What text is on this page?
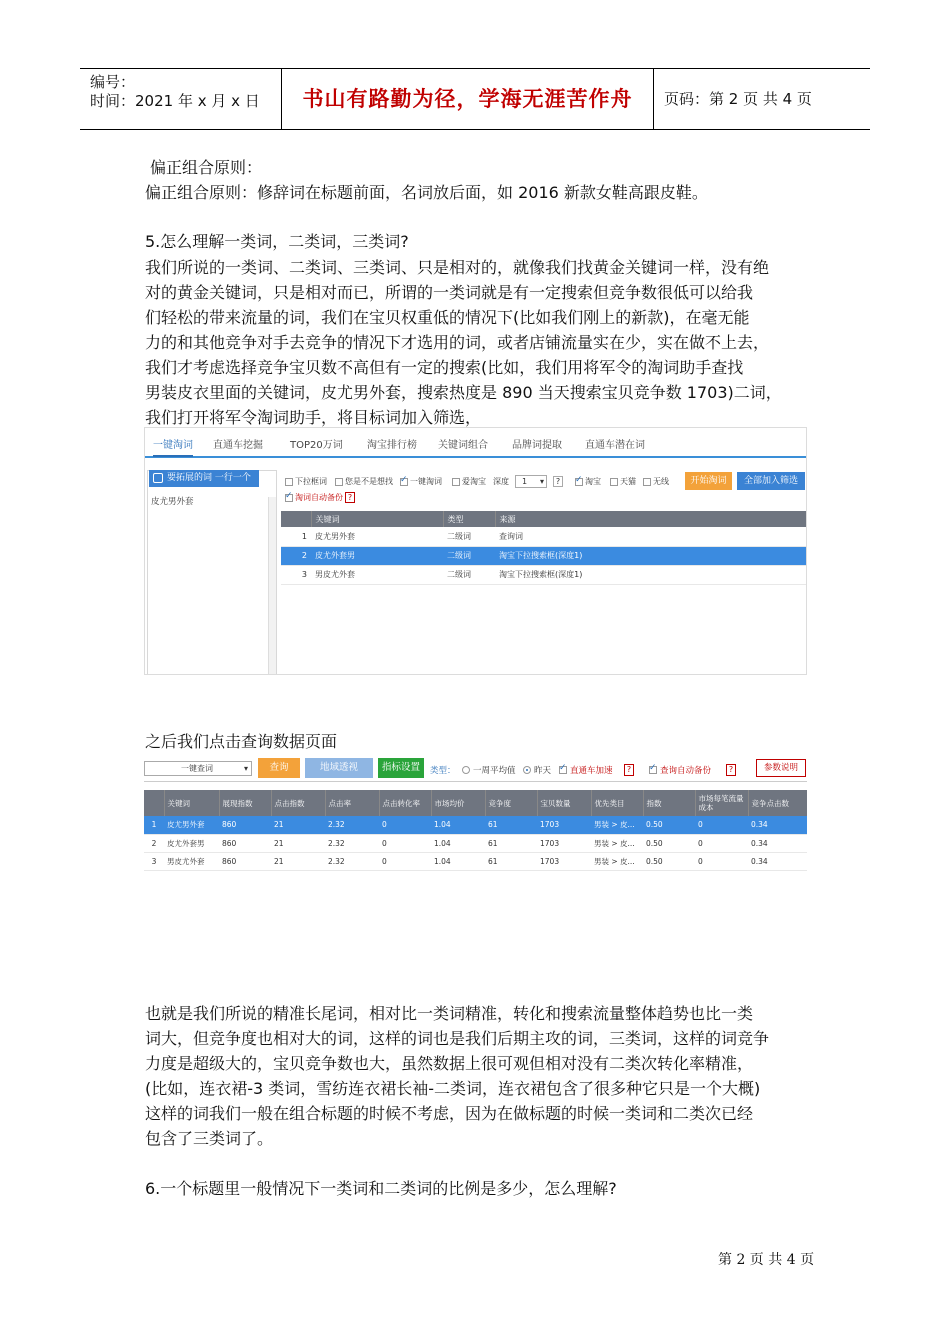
编号：
时间：2021 年 x 月 x 日	书山有路勤为径，学海无涯苦作舟	页码：第 2 页 共 4 页
偏正组合原则：
偏正组合原则：修辞词在标题前面，名词放后面，如 2016 新款女鞋高跟皮鞋。
5.怎么理解一类词，二类词，三类词?
我们所说的一类词、二类词、三类词、只是相对的，就像我们找黄金关键词一样，没有绝
对的黄金关键词，只是相对而已，所谓的一类词就是有一定搜索但竞争数很低可以给我
们轻松的带来流量的词，我们在宝贝权重低的情况下(比如我们刚上的新款)，在毫无能
力的和其他竞争对手去竞争的情况下才选用的词，或者店铺流量实在少，实在做不上去，
我们才考虑选择竞争宝贝数不高但有一定的搜索(比如，我们用将军令的淘词助手查找
男装皮衣里面的关键词，皮尤男外套，搜索热度是 890 当天搜索宝贝竞争数 1703)二词，
我们打开将军令淘词助手，将目标词加入筛选，
一键淘词 直通车挖掘	TOP20万词 淘宝排行榜 关键词组合 品牌词提取 直通车潜在词
要拓展的词 一行一个
皮尤男外套
下拉框词 您是不是想找 ✓ 一键淘词	爱淘宝 深度	? ✓	淘宝 天猫 无线
1 ▾	开始淘词	全部加入筛选
✓
淘词自动备份 ?
	关键词	类型	来源
1	皮尤男外套	二级词	查询词
2	皮尤外套男	二级词	淘宝下拉搜索框(深度1)
3	男皮尤外套	二级词	淘宝下拉搜索框(深度1)
之后我们点击查询数据页面
一键查词 ▾	查询	地域透视	指标设置	类型： 一周平均值 昨天 ✓ 直通车加速	? ✓	查询自动备份	?	参数说明
	关键词	展现指数	点击指数	点击率	点击转化率	市场均价	竞争度	宝贝数量	优先类目	指数	市场每笔流量成本	竞争点击数
1	皮尤男外套	860	21	2.32	0	1.04	61	1703	男装 > 皮...	0.50	0	0.34
2	皮尤外套男	860	21	2.32	0	1.04	61	1703	男装 > 皮...	0.50	0	0.34
3	男皮尤外套	860	21	2.32	0	1.04	61	1703	男装 > 皮...	0.50	0	0.34
也就是我们所说的精准长尾词，相对比一类词精准，转化和搜索流量整体趋势也比一类
词大，但竞争度也相对大的词，这样的词也是我们后期主攻的词，三类词，这样的词竞争
力度是超级大的，宝贝竞争数也大，虽然数据上很可观但相对没有二类次转化率精准，
(比如，连衣裙-3 类词，雪纺连衣裙长袖-二类词，连衣裙包含了很多种它只是一个大概)
这样的词我们一般在组合标题的时候不考虑，因为在做标题的时候一类词和二类次已经
包含了三类词了。
6.一个标题里一般情况下一类词和二类词的比例是多少，怎么理解?
第 2 页 共 4 页
